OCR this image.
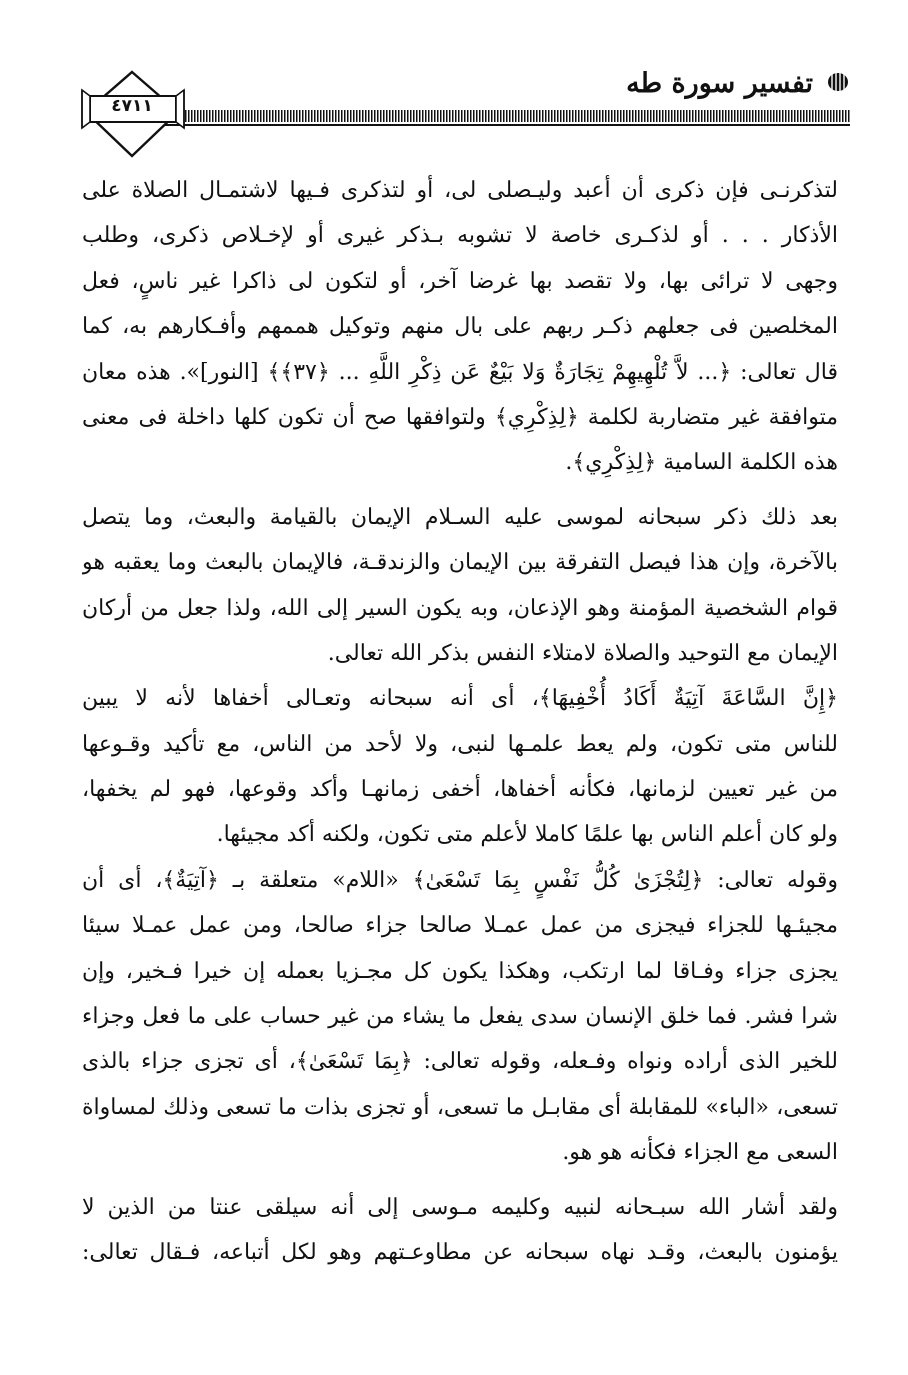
تفسير سورة طه
٤٧١١
لتذكرنـى فإن ذكرى أن أعبد وليـصلى لى، أو لتذكرى فـيها لاشتمـال الصلاة على
الأذكار . . . أو لذكـرى خاصة لا تشوبه بـذكر غيرى أو لإخـلاص ذكرى، وطلب
وجهى لا ترائى بها، ولا تقصد بها غرضا آخر، أو لتكون لى ذاكرا غير ناسٍ، فعل
المخلصين فى جعلهم ذكـر ربهم على بال منهم وتوكيل هممهم وأفـكارهم به، كما
قال تعالى: ﴿... لاَّ تُلْهِيهِمْ تِجَارَةٌ وَلا بَيْعٌ عَن ذِكْرِ اللَّهِ ... ﴿٣٧﴾﴾ [النور]». هذه معان
متوافقة غير متضاربة لكلمة ﴿لِذِكْرِي﴾ ولتوافقها صح أن تكون كلها داخلة فى معنى
هذه الكلمة السامية ﴿لِذِكْرِي﴾.
بعد ذلك ذكر سبحانه لموسى عليه السـلام الإيمان بالقيامة والبعث، وما يتصل
بالآخرة، وإن هذا فيصل التفرقة بين الإيمان والزندقـة، فالإيمان بالبعث وما يعقبه هو
قوام الشخصية المؤمنة وهو الإذعان، وبه يكون السير إلى الله، ولذا جعل من أركان
الإيمان مع التوحيد والصلاة لامتلاء النفس بذكر الله تعالى.
﴿إِنَّ السَّاعَةَ آتِيَةٌ أَكَادُ أُخْفِيهَا﴾، أى أنه سبحانه وتعـالى أخفاها لأنه لا يبين
للناس متى تكون، ولم يعط علمـها لنبى، ولا لأحد من الناس، مع تأكيد وقـوعها
من غير تعيين لزمانها، فكأنه أخفاها، أخفى زمانهـا وأكد وقوعها، فهو لم يخفها،
ولو كان أعلم الناس بها علمًا كاملا لأعلم متى تكون، ولكنه أكد مجيئها.
وقوله تعالى: ﴿لِتُجْزَىٰ كُلُّ نَفْسٍ بِمَا تَسْعَىٰ﴾ «اللام» متعلقة بـ ﴿آتِيَةٌ﴾، أى أن
مجيئـها للجزاء فيجزى من عمل عمـلا صالحا جزاء صالحا، ومن عمل عمـلا سيئا
يجزى جزاء وفـاقا لما ارتكب، وهكذا يكون كل مجـزيا بعمله إن خيرا فـخير، وإن
شرا فشر. فما خلق الإنسان سدى يفعل ما يشاء من غير حساب على ما فعل وجزاء
للخير الذى أراده ونواه وفـعله، وقوله تعالى: ﴿بِمَا تَسْعَىٰ﴾، أى تجزى جزاء بالذى
تسعى، «الباء» للمقابلة أى مقابـل ما تسعى، أو تجزى بذات ما تسعى وذلك لمساواة
السعى مع الجزاء فكأنه هو هو.
ولقد أشار الله سبـحانه لنبيه وكليمه مـوسى إلى أنه سيلقى عنتا من الذين لا
يؤمنون بالبعث، وقـد نهاه سبحانه عن مطاوعـتهم وهو لكل أتباعه، فـقال تعالى:
